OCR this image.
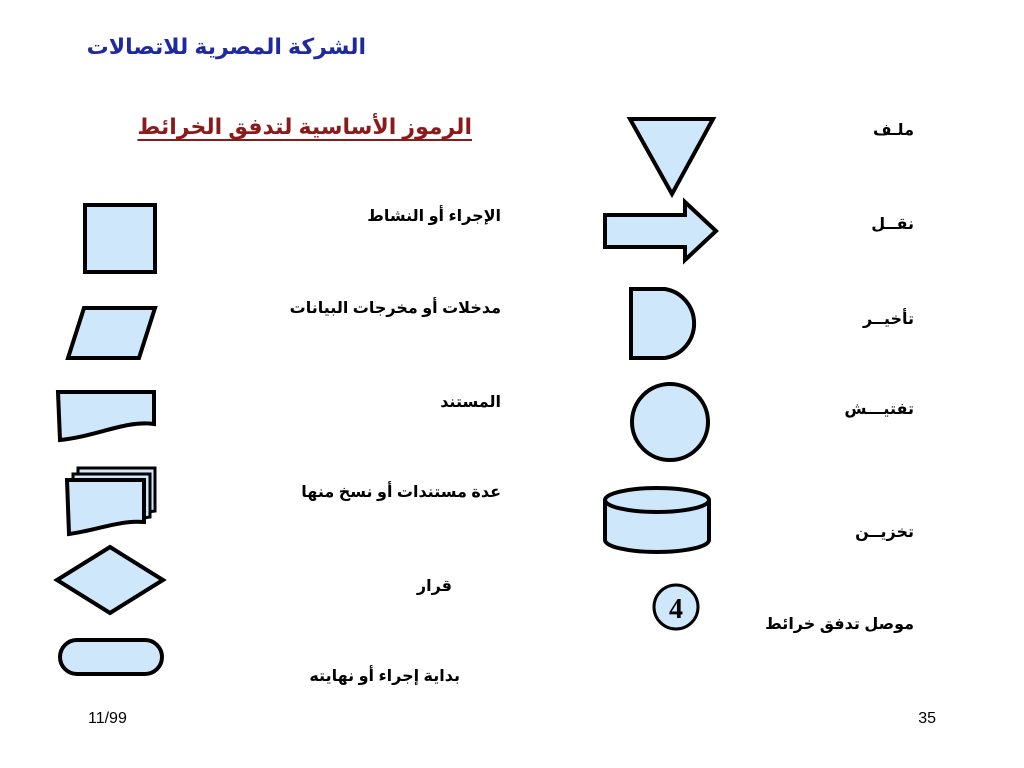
الشركة المصرية للاتصالات
الرموز الأساسية لتدفق الخرائط
4
الإجراء أو النشاط
مدخلات أو مخرجات البيانات
المستند
عدة مستندات أو نسخ منها
قرار
بداية إجراء أو نهايته
ملـف
نقــل
تأخيــر
تفتيـــش
تخزيــن
موصل تدفق خرائط
11/99	35
